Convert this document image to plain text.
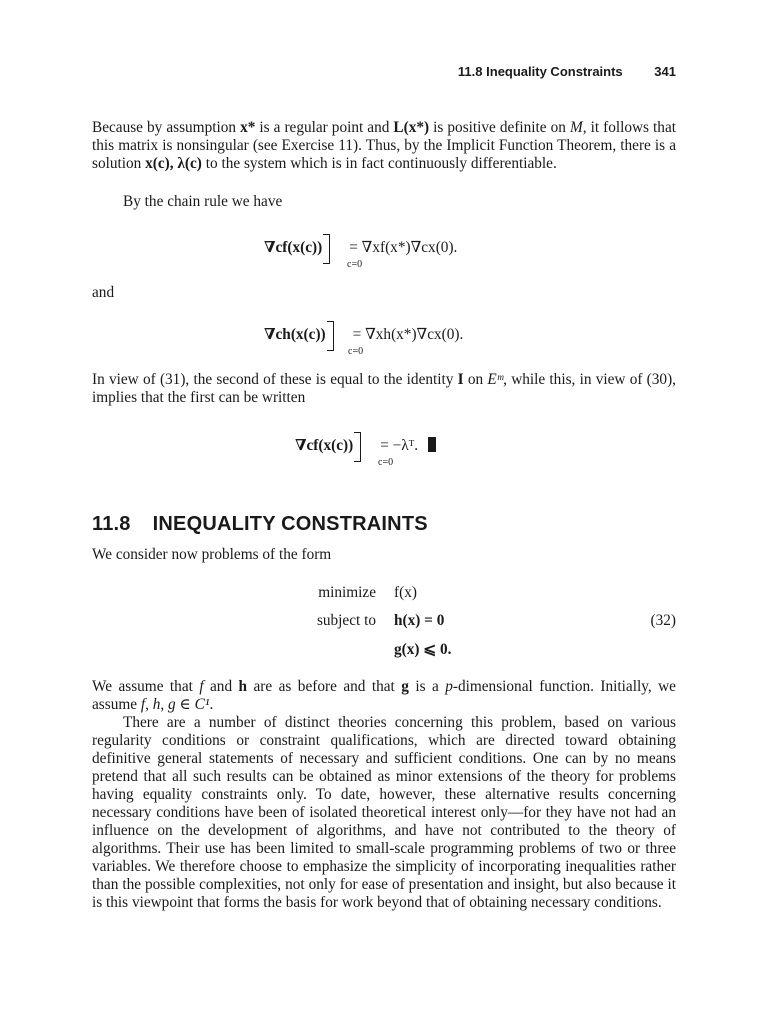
11.8 Inequality Constraints 341

Because by assumption x* is a regular point and L(x*) is positive definite on M, it follows that this matrix is nonsingular (see Exercise 11). Thus, by the Implicit Function Theorem, there is a solution x(c), λ(c) to the system which is in fact continuously differentiable.

By the chain rule we have

∇cf(x(c)) = ∇xf(x*)∇cx(0).
c=0

and

∇ch(x(c)) = ∇xh(x*)∇cx(0).
c=0

In view of (31), the second of these is equal to the identity I on Eᵐ, while this, in view of (30), implies that the first can be written

∇cf(x(c)) = −λᵀ.
c=0
11.8 INEQUALITY CONSTRAINTS

We consider now problems of the form

minimize f(x)
subject to h(x) = 0
g(x) ⩽ 0.
(32)

We assume that f and h are as before and that g is a p-dimensional function. Initially, we assume f, h, g ∈ C¹.

There are a number of distinct theories concerning this problem, based on various regularity conditions or constraint qualifications, which are directed toward obtaining definitive general statements of necessary and sufficient conditions. One can by no means pretend that all such results can be obtained as minor extensions of the theory for problems having equality constraints only. To date, however, these alternative results concerning necessary conditions have been of isolated theoretical interest only—for they have not had an influence on the development of algorithms, and have not contributed to the theory of algorithms. Their use has been limited to small-scale programming problems of two or three variables. We therefore choose to emphasize the simplicity of incorporating inequalities rather than the possible complexities, not only for ease of presentation and insight, but also because it is this viewpoint that forms the basis for work beyond that of obtaining necessary conditions.
